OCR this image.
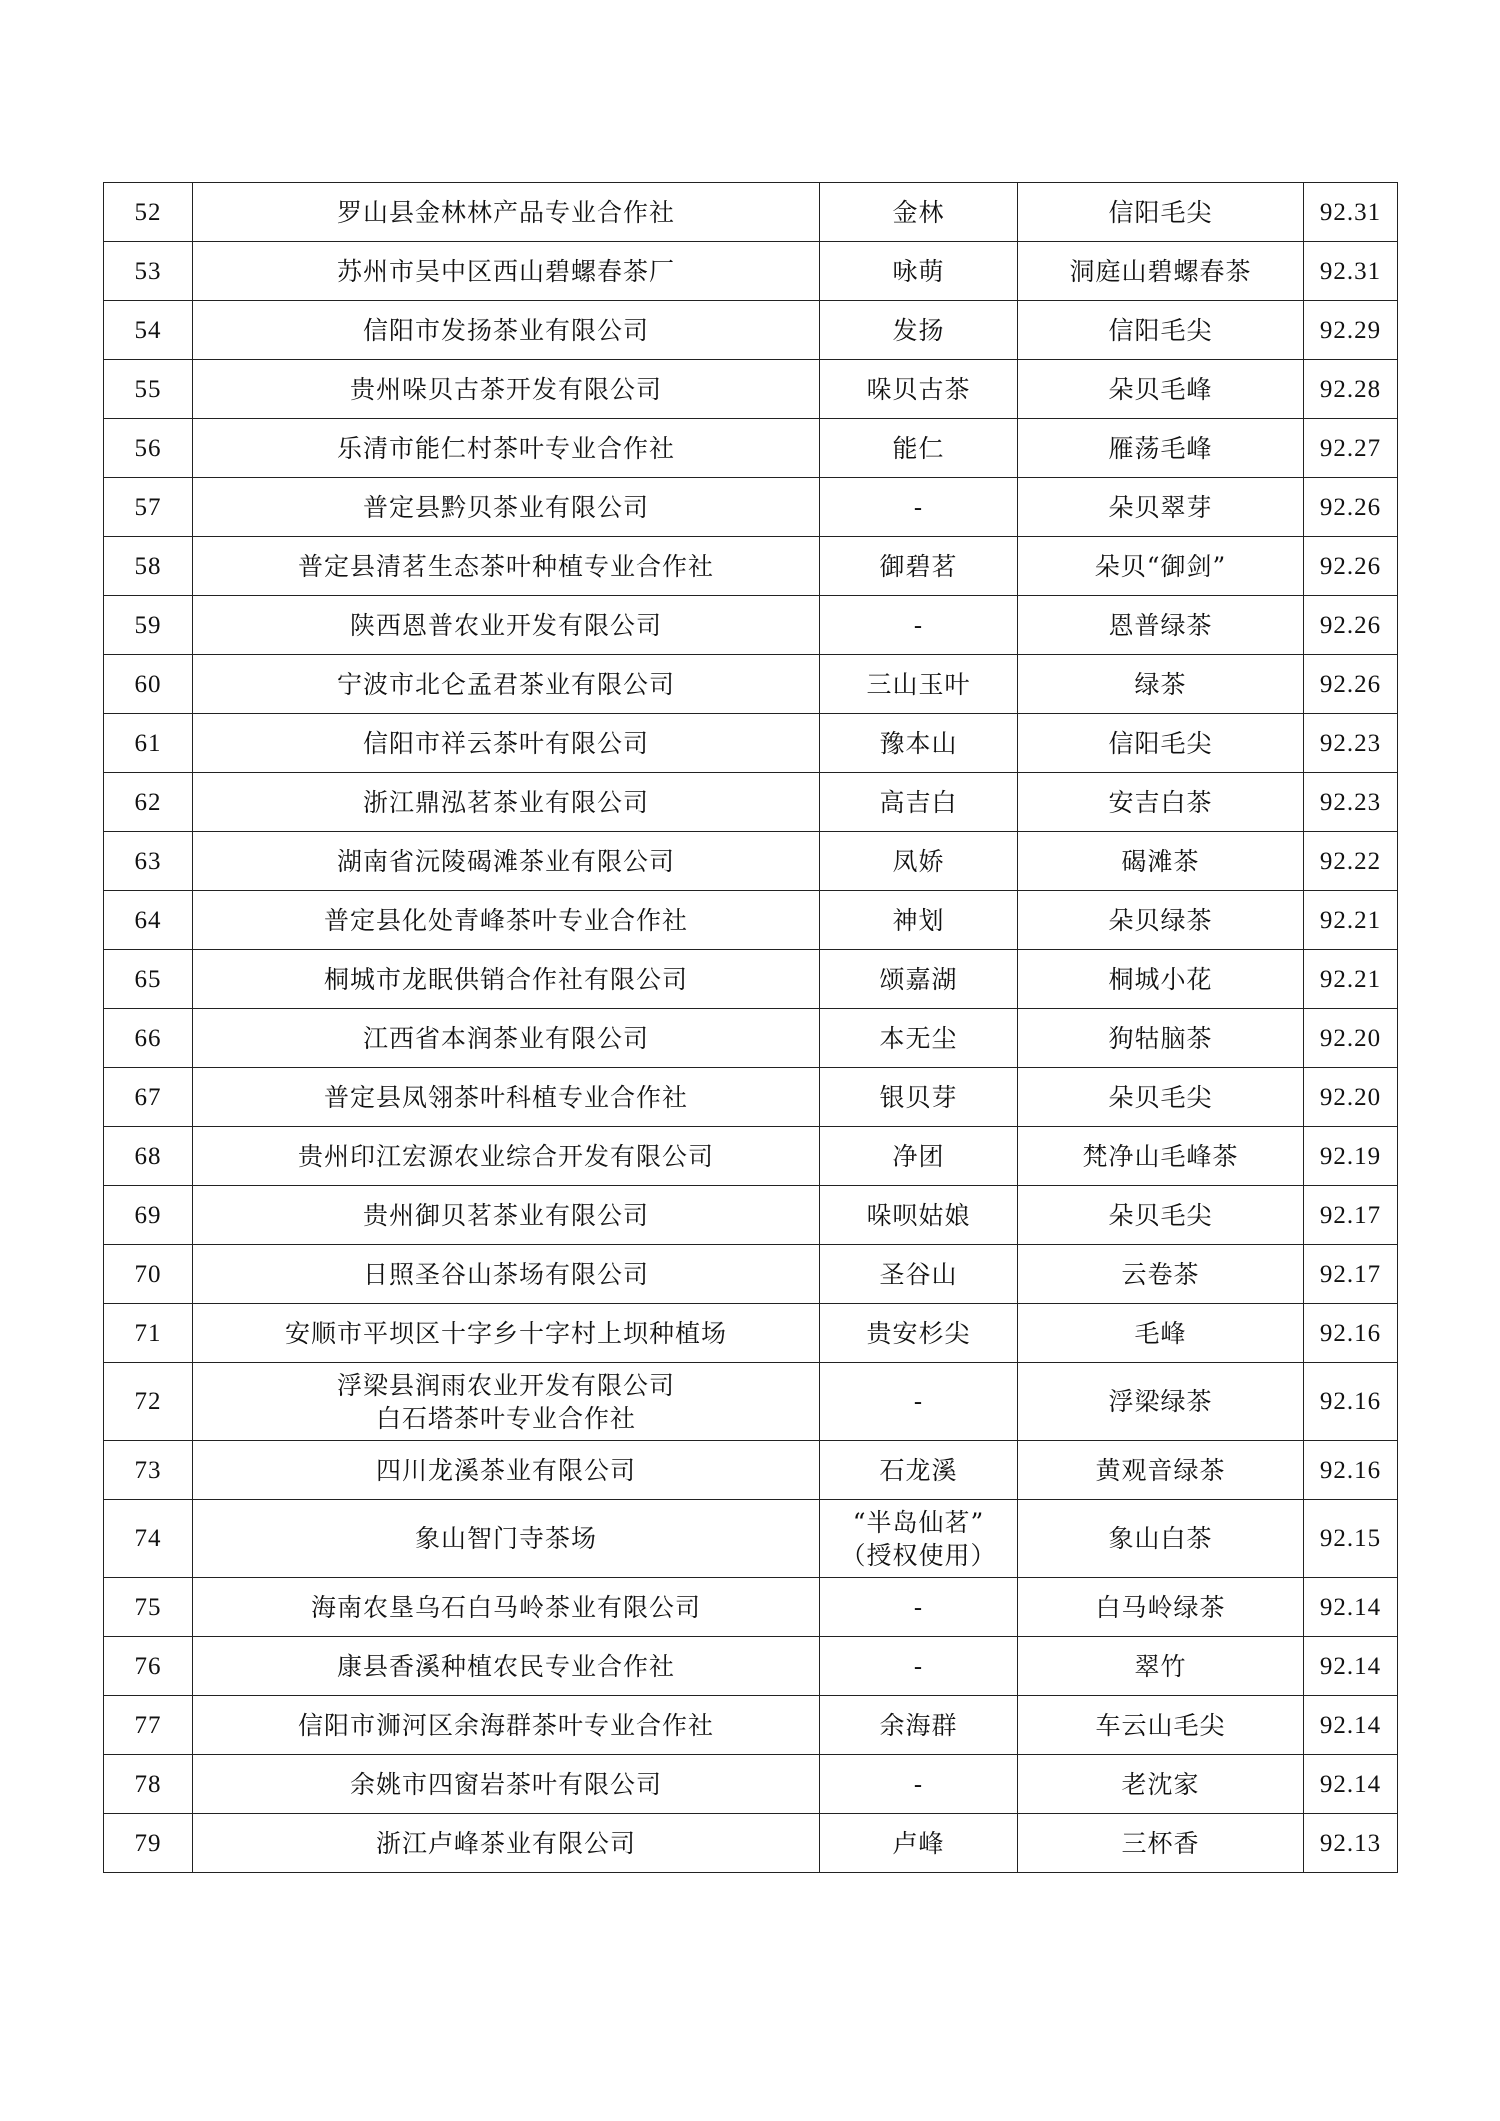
52	罗山县金林林产品专业合作社	金林	信阳毛尖	92.31
53	苏州市吴中区西山碧螺春茶厂	咏萌	洞庭山碧螺春茶	92.31
54	信阳市发扬茶业有限公司	发扬	信阳毛尖	92.29
55	贵州哚贝古茶开发有限公司	哚贝古茶	朵贝毛峰	92.28
56	乐清市能仁村茶叶专业合作社	能仁	雁荡毛峰	92.27
57	普定县黔贝茶业有限公司	-	朵贝翠芽	92.26
58	普定县清茗生态茶叶种植专业合作社	御碧茗	朵贝“御剑”	92.26
59	陕西恩普农业开发有限公司	-	恩普绿茶	92.26
60	宁波市北仑孟君茶业有限公司	三山玉叶	绿茶	92.26
61	信阳市祥云茶叶有限公司	豫本山	信阳毛尖	92.23
62	浙江鼎泓茗茶业有限公司	高吉白	安吉白茶	92.23
63	湖南省沅陵碣滩茶业有限公司	凤娇	碣滩茶	92.22
64	普定县化处青峰茶叶专业合作社	神划	朵贝绿茶	92.21
65	桐城市龙眠供销合作社有限公司	颂嘉湖	桐城小花	92.21
66	江西省本润茶业有限公司	本无尘	狗牯脑茶	92.20
67	普定县凤翎茶叶科植专业合作社	银贝芽	朵贝毛尖	92.20
68	贵州印江宏源农业综合开发有限公司	净团	梵净山毛峰茶	92.19
69	贵州御贝茗茶业有限公司	哚呗姑娘	朵贝毛尖	92.17
70	日照圣谷山茶场有限公司	圣谷山	云卷茶	92.17
71	安顺市平坝区十字乡十字村上坝种植场	贵安杉尖	毛峰	92.16
72	浮梁县润雨农业开发有限公司
白石塔茶叶专业合作社	-	浮梁绿茶	92.16
73	四川龙溪茶业有限公司	石龙溪	黄观音绿茶	92.16
74	象山智门寺茶场	“半岛仙茗”
（授权使用）	象山白茶	92.15
75	海南农垦乌石白马岭茶业有限公司	-	白马岭绿茶	92.14
76	康县香溪种植农民专业合作社	-	翠竹	92.14
77	信阳市浉河区余海群茶叶专业合作社	余海群	车云山毛尖	92.14
78	余姚市四窗岩茶叶有限公司	-	老沈家	92.14
79	浙江卢峰茶业有限公司	卢峰	三杯香	92.13
